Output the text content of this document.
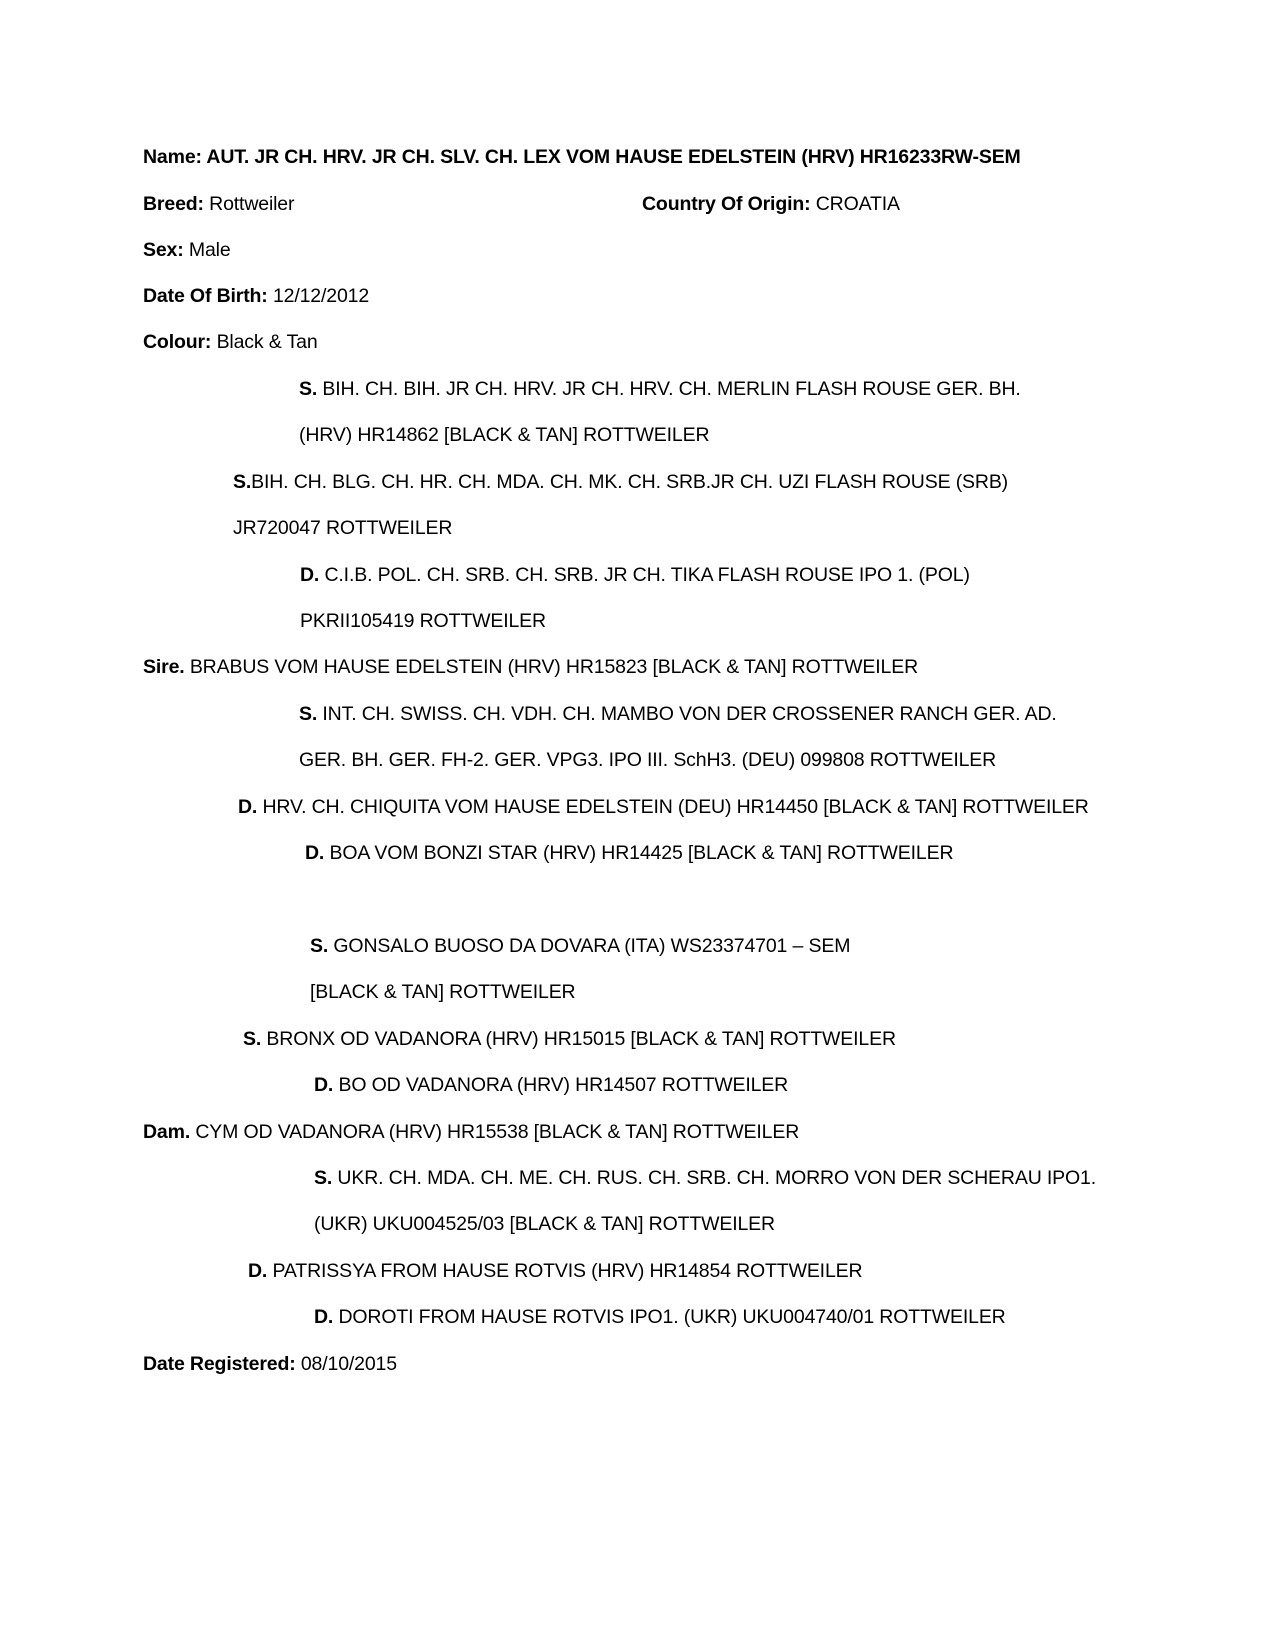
Name: AUT. JR CH. HRV. JR CH. SLV. CH. LEX VOM HAUSE EDELSTEIN (HRV) HR16233RW-SEM
Breed: Rottweiler	Country Of Origin: CROATIA
Sex: Male
Date Of Birth: 12/12/2012
Colour: Black & Tan
S. BIH. CH. BIH. JR CH. HRV. JR CH. HRV. CH. MERLIN FLASH ROUSE GER. BH.
(HRV) HR14862 [BLACK & TAN] ROTTWEILER
S.BIH. CH. BLG. CH. HR. CH. MDA. CH. MK. CH. SRB.JR CH. UZI FLASH ROUSE (SRB)
JR720047 ROTTWEILER
D. C.I.B. POL. CH. SRB. CH. SRB. JR CH. TIKA FLASH ROUSE IPO 1. (POL)
PKRII105419 ROTTWEILER
Sire. BRABUS VOM HAUSE EDELSTEIN (HRV) HR15823 [BLACK & TAN] ROTTWEILER
S. INT. CH. SWISS. CH. VDH. CH. MAMBO VON DER CROSSENER RANCH GER. AD.
GER. BH. GER. FH-2. GER. VPG3. IPO III. SchH3. (DEU) 099808 ROTTWEILER
D. HRV. CH. CHIQUITA VOM HAUSE EDELSTEIN (DEU) HR14450 [BLACK & TAN] ROTTWEILER
D. BOA VOM BONZI STAR (HRV) HR14425 [BLACK & TAN] ROTTWEILER
S. GONSALO BUOSO DA DOVARA (ITA) WS23374701 – SEM
[BLACK & TAN] ROTTWEILER
S. BRONX OD VADANORA (HRV) HR15015 [BLACK & TAN] ROTTWEILER
D. BO OD VADANORA (HRV) HR14507 ROTTWEILER
Dam. CYM OD VADANORA (HRV) HR15538 [BLACK & TAN] ROTTWEILER
S. UKR. CH. MDA. CH. ME. CH. RUS. CH. SRB. CH. MORRO VON DER SCHERAU IPO1.
(UKR) UKU004525/03 [BLACK & TAN] ROTTWEILER
D. PATRISSYA FROM HAUSE ROTVIS (HRV) HR14854 ROTTWEILER
D. DOROTI FROM HAUSE ROTVIS IPO1. (UKR) UKU004740/01 ROTTWEILER
Date Registered: 08/10/2015
